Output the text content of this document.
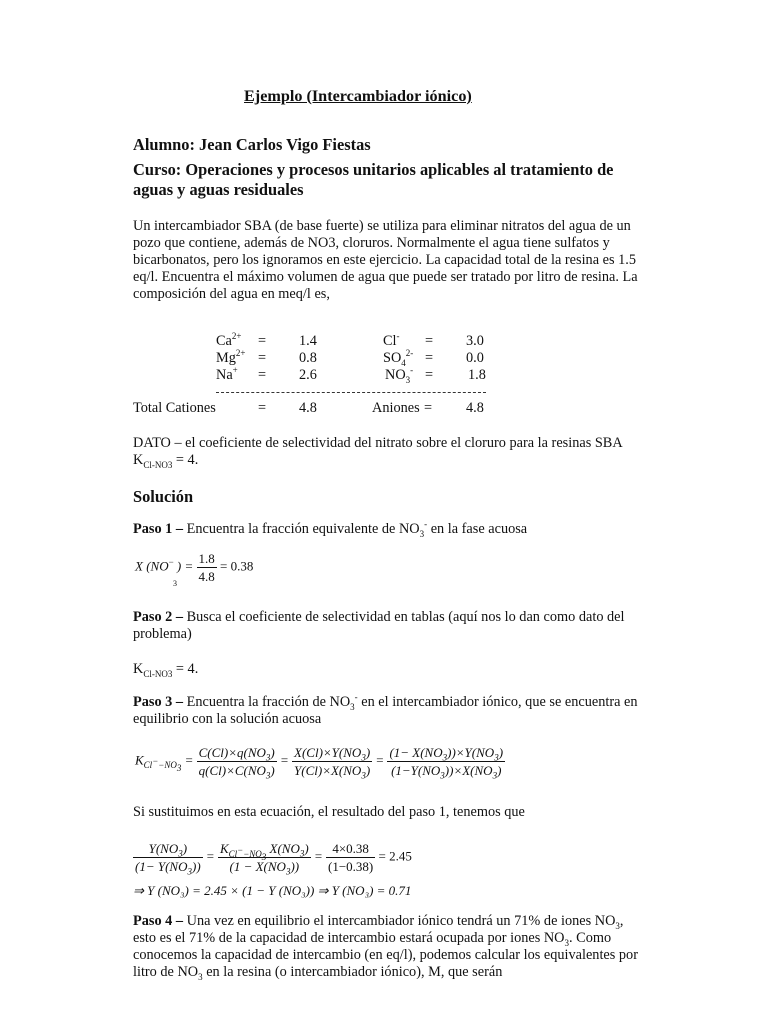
Ejemplo (Intercambiador iónico)
Alumno: Jean Carlos Vigo Fiestas
Curso: Operaciones y procesos unitarios aplicables al tratamiento de aguas y aguas residuales
Un intercambiador SBA (de base fuerte) se utiliza para eliminar nitratos del agua de un pozo que contiene, además de NO3, cloruros. Normalmente el agua tiene sulfatos y bicarbonatos, pero los ignoramos en este ejercicio. La capacidad total de la resina es 1.5 eq/l. Encuentra el máximo volumen de agua que puede ser tratado por litro de resina. La composición del agua en meq/l es,
$Ca^{2+} = 1.4$
$Mg^{2+} = 0.8$
Na+ = 2.6
Cl- = 3.0
$SO_4^{2-} = 0.0$
$NO_3^- = 1.8$
Total Cationes	= 4.8	Aniones = 4.8
DATO – el coeficiente de selectividad del nitrato sobre el cloruro para la resinas SBA
$K_{Cl-NO3} = 4$.
Solución
Paso 1 – Encuentra la fracción equivalente de $NO_3^-$ en la fase acuosa
X (NO− ) = $\frac{1.8}{4.8} = 0.38$
3
Paso 2 – Busca el coeficiente de selectividad en tablas (aquí nos lo dan como dato del problema)
$K_{Cl-NO3} = 4$.
Paso 3 – Encuentra la fracción de $NO_3^-$ en el intercambiador iónico, que se encuentra en equilibrio con la solución acuosa
$K_{Cl^--NO_3} = \frac{C(Cl)\times q(NO_3)}{q(Cl)\times C(NO_3)} = \frac{X(Cl)\times Y(NO_3)}{Y(Cl)\times X(NO_3)} = \frac{(1- X(NO_3))\times Y(NO_3)}{(1-Y(NO_3))\times X(NO_3)}$
Si sustituimos en esta ecuación, el resultado del paso 1, tenemos que
$\frac{Y(NO_3)}{(1- Y(NO_3))} = \frac{K_{Cl^--NO_3} X(NO_3)}{(1 - X(NO_3))} = \frac{4\times 0.38}{(1-0.38)} = 2.45$
⇒ Y (NO₃) = 2.45 × (1 − Y (NO₃)) ⇒ Y (NO₃) = 0.71
Paso 4 – Una vez en equilibrio el intercambiador iónico tendrá un 71% de iones $NO_3$, esto es el 71% de la capacidad de intercambio estará ocupada por iones $NO_3$. Como conocemos la capacidad de intercambio (en eq/l), podemos calcular los equivalentes por litro de $NO_3$ en la resina (o intercambiador iónico), M, que serán
